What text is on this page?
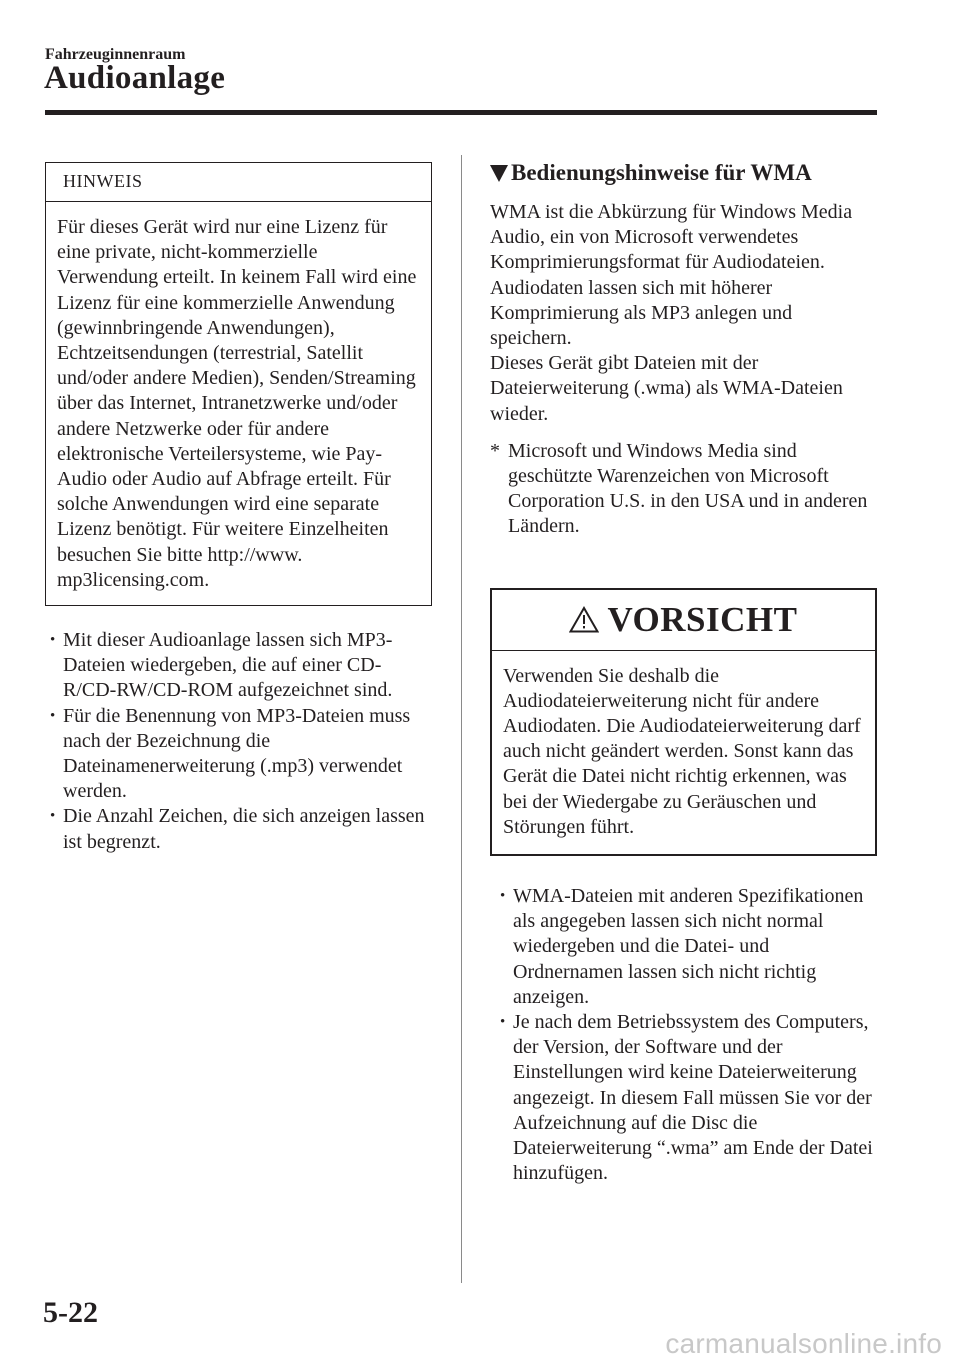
Fahrzeuginnenraum
Audioanlage
HINWEIS
Für dieses Gerät wird nur eine Lizenz für eine private, nicht-kommerzielle Verwendung erteilt. In keinem Fall wird eine Lizenz für eine kommerzielle Anwendung (gewinnbringende Anwendungen), Echtzeitsendungen (terrestrial, Satellit und/oder andere Medien), Senden/Streaming über das Internet, Intranetzwerke und/oder andere Netzwerke oder für andere elektronische Verteilersysteme, wie Pay-Audio oder Audio auf Abfrage erteilt. Für solche Anwendungen wird eine separate Lizenz benötigt. Für weitere Einzelheiten besuchen Sie bitte http://www. mp3licensing.com.
• Mit dieser Audioanlage lassen sich MP3-Dateien wiedergeben, die auf einer CD-R/CD-RW/CD-ROM aufgezeichnet sind.
• Für die Benennung von MP3-Dateien muss nach der Bezeichnung die Dateinamenerweiterung (.mp3) verwendet werden.
• Die Anzahl Zeichen, die sich anzeigen lassen ist begrenzt.
Bedienungshinweise für WMA
WMA ist die Abkürzung für Windows Media Audio, ein von Microsoft verwendetes Komprimierungsformat für Audiodateien.
Audiodaten lassen sich mit höherer Komprimierung als MP3 anlegen und speichern.
Dieses Gerät gibt Dateien mit der Dateierweiterung (.wma) als WMA-Dateien wieder.
* Microsoft und Windows Media sind geschützte Warenzeichen von Microsoft Corporation U.S. in den USA und in anderen Ländern.
VORSICHT
Verwenden Sie deshalb die Audiodateierweiterung nicht für andere Audiodaten. Die Audiodateierweiterung darf auch nicht geändert werden. Sonst kann das Gerät die Datei nicht richtig erkennen, was bei der Wiedergabe zu Geräuschen und Störungen führt.
• WMA-Dateien mit anderen Spezifikationen als angegeben lassen sich nicht normal wiedergeben und die Datei- und Ordnernamen lassen sich nicht richtig anzeigen.
• Je nach dem Betriebssystem des Computers, der Version, der Software und der Einstellungen wird keine Dateierweiterung angezeigt. In diesem Fall müssen Sie vor der Aufzeichnung auf die Disc die Dateierweiterung “.wma” am Ende der Datei hinzufügen.
5-22
carmanualsonline.info
